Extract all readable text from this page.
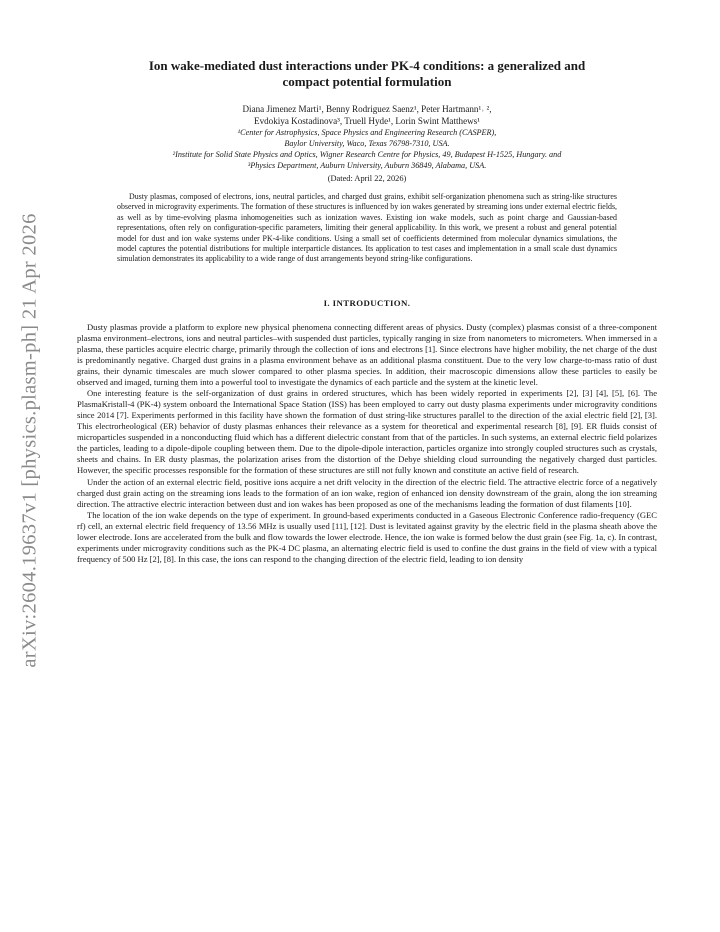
arXiv:2604.19637v1 [physics.plasm-ph] 21 Apr 2026
Ion wake-mediated dust interactions under PK-4 conditions: a generalized and
compact potential formulation
Diana Jimenez Marti¹, Benny Rodriguez Saenz¹, Peter Hartmann¹˒ ²,
Evdokiya Kostadinova³, Truell Hyde¹, Lorin Swint Matthews¹
¹Center for Astrophysics, Space Physics and Engineering Research (CASPER),
Baylor University, Waco, Texas 76798-7310, USA.
²Institute for Solid State Physics and Optics, Wigner Research Centre for Physics, 49, Budapest H-1525, Hungary. and
³Physics Department, Auburn University, Auburn 36849, Alabama, USA.
(Dated: April 22, 2026)

Dusty plasmas, composed of electrons, ions, neutral particles, and charged dust grains, exhibit self-organization phenomena such as string-like structures observed in microgravity experiments. The formation of these structures is influenced by ion wakes generated by streaming ions under external electric fields, as well as by time-evolving plasma inhomogeneities such as ionization waves. Existing ion wake models, such as point charge and Gaussian-based representations, often rely on configuration-specific parameters, limiting their general applicability. In this work, we present a robust and general potential model for dust and ion wake systems under PK-4-like conditions. Using a small set of coefficients determined from molecular dynamics simulations, the model captures the potential distributions for multiple interparticle distances. Its application to test cases and implementation in a small scale dust dynamics simulation demonstrates its applicability to a wide range of dust arrangements beyond string-like configurations.

I. INTRODUCTION.

Dusty plasmas provide a platform to explore new physical phenomena connecting different areas of physics. Dusty (complex) plasmas consist of a three-component plasma environment–electrons, ions and neutral particles–with suspended dust particles, typically ranging in size from nanometers to micrometers. When immersed in a plasma, these particles acquire electric charge, primarily through the collection of ions and electrons [1]. Since electrons have higher mobility, the net charge of the dust is predominantly negative. Charged dust grains in a plasma environment behave as an additional plasma constituent. Due to the very low charge-to-mass ratio of dust grains, their dynamic timescales are much slower compared to other plasma species. In addition, their macroscopic dimensions allow these particles to easily be observed and imaged, turning them into a powerful tool to investigate the dynamics of each particle and the system at the kinetic level.

One interesting feature is the self-organization of dust grains in ordered structures, which has been widely reported in experiments [2], [3] [4], [5], [6]. The PlasmaKristall-4 (PK-4) system onboard the International Space Station (ISS) has been employed to carry out dusty plasma experiments under microgravity conditions since 2014 [7]. Experiments performed in this facility have shown the formation of dust string-like structures parallel to the direction of the axial electric field [2], [3]. This electrorheological (ER) behavior of dusty plasmas enhances their relevance as a system for theoretical and experimental research [8], [9]. ER fluids consist of microparticles suspended in a nonconducting fluid which has a different dielectric constant from that of the particles. In such systems, an external electric field polarizes the particles, leading to a dipole-dipole coupling between them. Due to the dipole-dipole interaction, particles organize into strongly coupled structures such as crystals, sheets and chains. In ER dusty plasmas, the polarization arises from the distortion of the Debye shielding cloud surrounding the negatively charged dust particles. However, the specific processes responsible for the formation of these structures are still not fully known and constitute an active field of research.

Under the action of an external electric field, positive ions acquire a net drift velocity in the direction of the electric field. The attractive electric force of a negatively charged dust grain acting on the streaming ions leads to the formation of an ion wake, region of enhanced ion density downstream of the grain, along the ion streaming direction. The attractive electric interaction between dust and ion wakes has been proposed as one of the mechanisms leading the formation of dust filaments [10].

The location of the ion wake depends on the type of experiment. In ground-based experiments conducted in a Gaseous Electronic Conference radio-frequency (GEC rf) cell, an external electric field frequency of 13.56 MHz is usually used [11], [12]. Dust is levitated against gravity by the electric field in the plasma sheath above the lower electrode. Ions are accelerated from the bulk and flow towards the lower electrode. Hence, the ion wake is formed below the dust grain (see Fig. 1a, c). In contrast, experiments under microgravity conditions such as the PK-4 DC plasma, an alternating electric field is used to confine the dust grains in the field of view with a typical frequency of 500 Hz [2], [8]. In this case, the ions can respond to the changing direction of the electric field, leading to ion density
